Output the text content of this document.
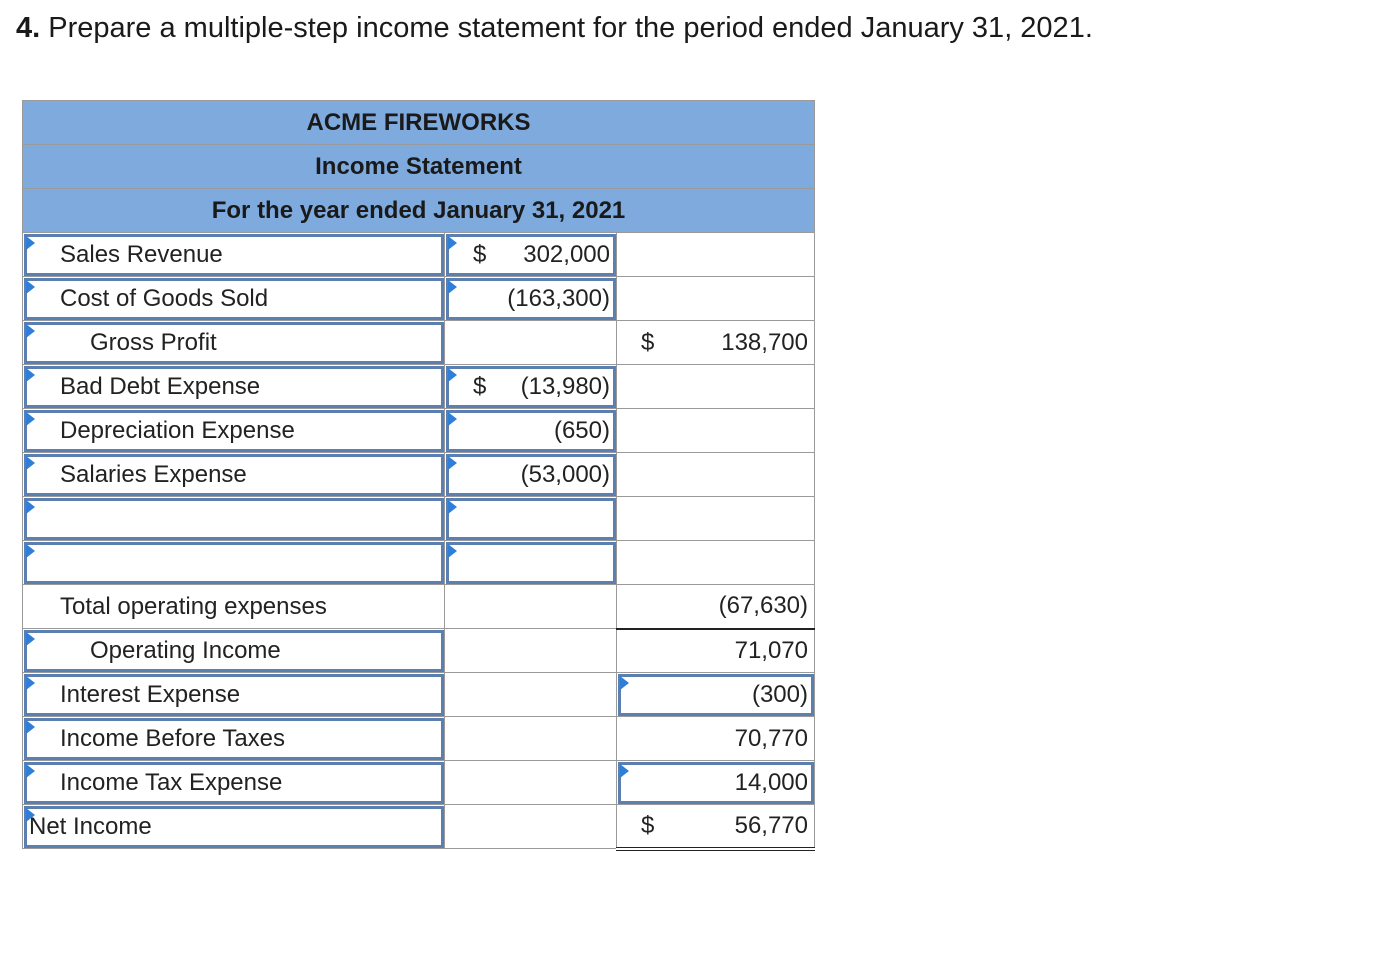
4. Prepare a multiple-step income statement for the period ended January 31, 2021.
ACME FIREWORKS		
Income Statement		
For the year ended January 31, 2021		
Sales Revenue	$ 302,000	
Cost of Goods Sold	(163,300)	
Gross Profit		$ 138,700
Bad Debt Expense	$ (13,980)	
Depreciation Expense	(650)	
Salaries Expense	(53,000)	

Total operating expenses		(67,630)
Operating Income		71,070
Interest Expense		(300)
Income Before Taxes		70,770
Income Tax Expense		14,000
Net Income		$ 56,770
